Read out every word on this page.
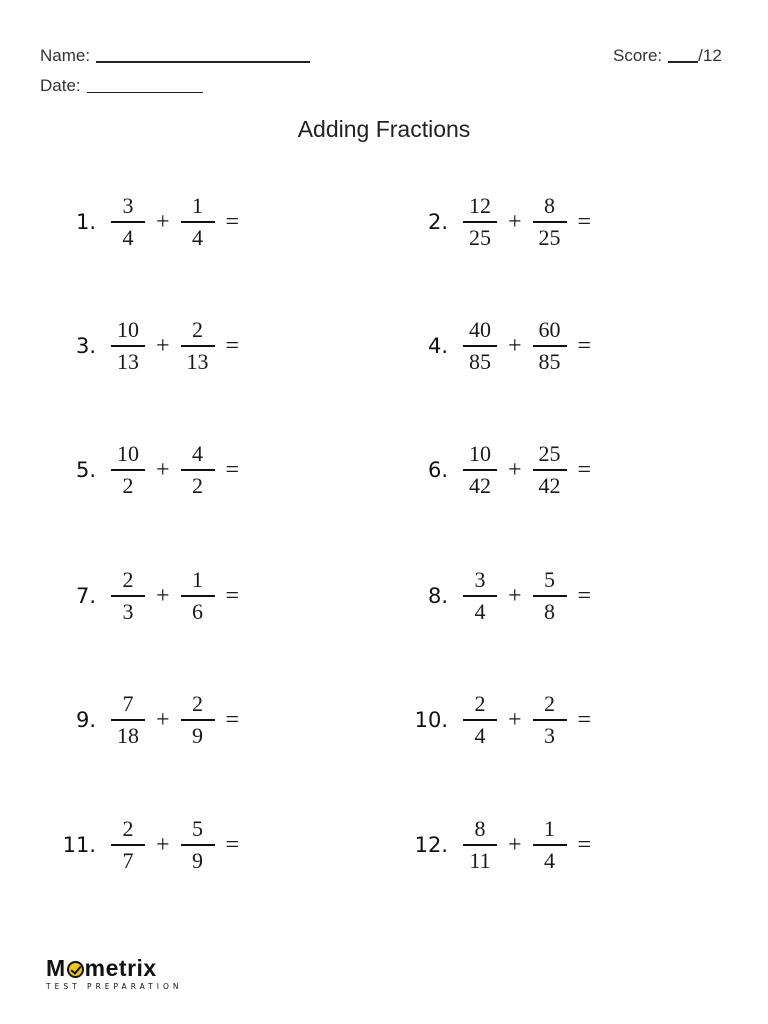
Name:
Date:
Score: /12
Adding Fractions
1. $\frac{3}{4} + \frac{1}{4}$ =	2. $\frac{12}{25} + \frac{8}{25}$ =
3. $\frac{10}{13} + \frac{2}{13}$ =	4. $\frac{40}{85} + \frac{60}{85}$ =
5. $\frac{10}{2} + \frac{4}{2}$ =	6. $\frac{10}{42} + \frac{25}{42}$ =
7. $\frac{2}{3} + \frac{1}{6}$ =	8. $\frac{3}{4} + \frac{5}{8}$ =
9. $\frac{7}{18} + \frac{2}{9}$ =	10. $\frac{2}{4} + \frac{2}{3}$ =
11. $\frac{2}{7} + \frac{5}{9}$ =	12. $\frac{8}{11} + \frac{1}{4}$ =
M metrix
TEST PREPARATION
